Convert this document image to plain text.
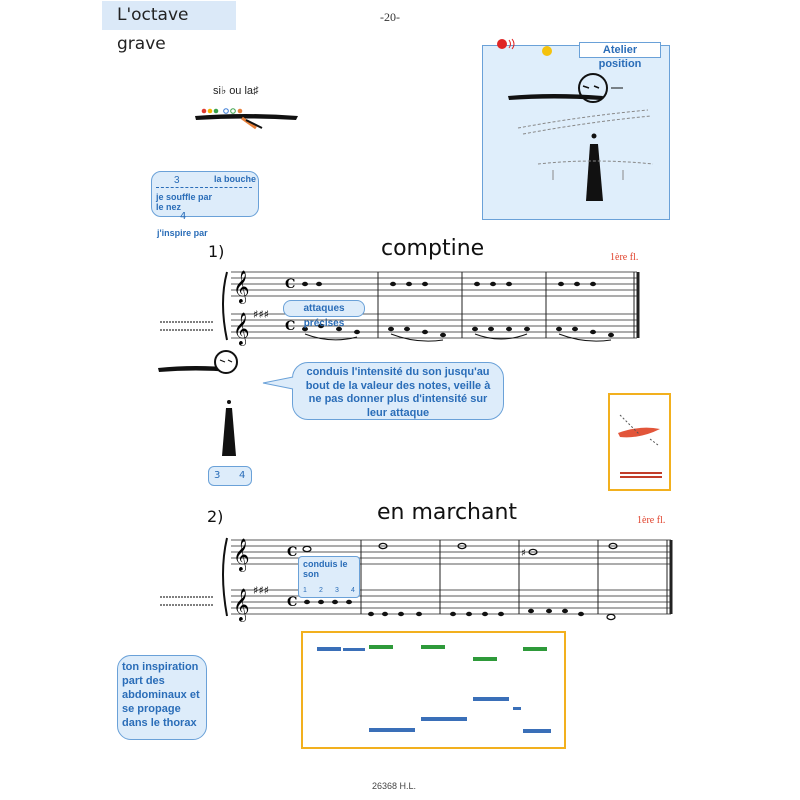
L'octave grave
-20-
si♭ ou la♯
3	la bouche
je souffle par le nez
4
j'inspire par
Atelier position
1)	comptine	1ère fl.
𝄞
𝄞 ♯♯♯
C
C
attaques précises
3 4
conduis l'intensité du son jusqu'au bout de la valeur des notes, veille à ne pas donner plus d'intensité sur leur attaque
2)	en marchant	1ère fl.
𝄞
𝄞 ♯♯♯
C
C
♯
conduis le son
1 2 3 4
ton inspiration part des abdominaux et se propage dans le thorax
26368 H.L.
